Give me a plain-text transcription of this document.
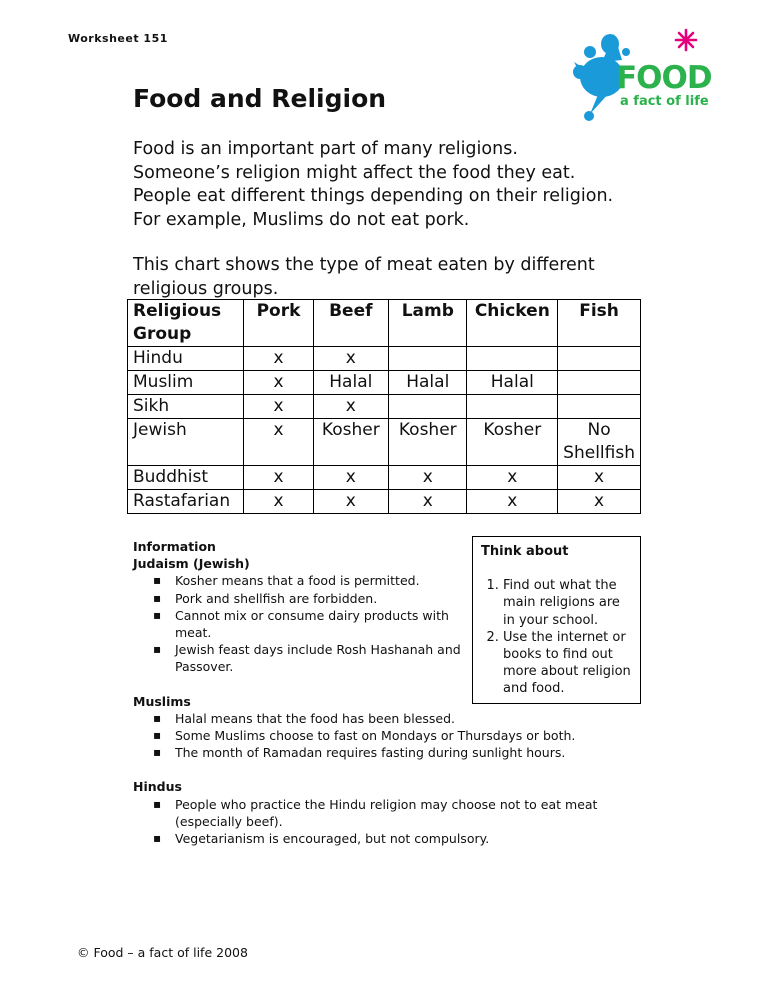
Worksheet 151
FOOD
a fact of life
Food and Religion
Food is an important part of many religions.
Someone’s religion might affect the food they eat.
People eat different things depending on their religion.
For example, Muslims do not eat pork.
This chart shows the type of meat eaten by different
religious groups.
Religious Group	Pork	Beef	Lamb	Chicken	Fish
Hindu	x	x			
Muslim	x	Halal	Halal	Halal	
Sikh	x	x			
Jewish	x	Kosher	Kosher	Kosher	No Shellfish
Buddhist	x	x	x	x	x
Rastafarian	x	x	x	x	x
Information
Judaism (Jewish)
▪ Kosher means that a food is permitted.
▪ Pork and shellfish are forbidden.
▪ Cannot mix or consume dairy products with meat.
▪ Jewish feast days include Rosh Hashanah and Passover.
Muslims
▪ Halal means that the food has been blessed.
▪ Some Muslims choose to fast on Mondays or Thursdays or both.
▪ The month of Ramadan requires fasting during sunlight hours.
Hindus
▪ People who practice the Hindu religion may choose not to eat meat (especially beef).
▪ Vegetarianism is encouraged, but not compulsory.
Think about
1. Find out what the main religions are in your school.
2. Use the internet or books to find out more about religion and food.
© Food – a fact of life 2008
